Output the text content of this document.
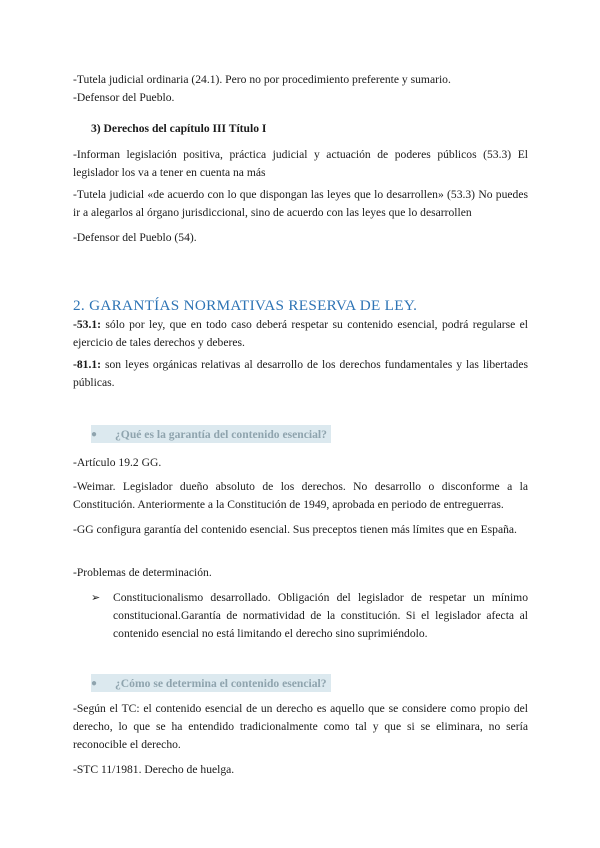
-Tutela judicial ordinaria (24.1). Pero no por procedimiento preferente y sumario.

-Defensor del Pueblo.

3) Derechos del capítulo III Título I

-Informan legislación positiva, práctica judicial y actuación de poderes públicos (53.3) El legislador los va a tener en cuenta na más

-Tutela judicial «de acuerdo con lo que dispongan las leyes que lo desarrollen» (53.3) No puedes ir a alegarlos al órgano jurisdiccional, sino de acuerdo con las leyes que lo desarrollen

-Defensor del Pueblo (54).

2. GARANTÍAS NORMATIVAS RESERVA DE LEY.

-53.1: sólo por ley, que en todo caso deberá respetar su contenido esencial, podrá regularse el ejercicio de tales derechos y deberes.

-81.1: son leyes orgánicas relativas al desarrollo de los derechos fundamentales y las libertades públicas.

●	¿Qué es la garantía del contenido esencial?

-Artículo 19.2 GG.

-Weimar. Legislador dueño absoluto de los derechos. No desarrollo o disconforme a la Constitución. Anteriormente a la Constitución de 1949, aprobada en periodo de entreguerras.

-GG configura garantía del contenido esencial. Sus preceptos tienen más límites que en España.

-Problemas de determinación.

➢	Constitucionalismo desarrollado. Obligación del legislador de respetar un mínimo constitucional.Garantía de normatividad de la constitución. Si el legislador afecta al contenido esencial no está limitando el derecho sino suprimiéndolo.
●	¿Cómo se determina el contenido esencial?

-Según el TC: el contenido esencial de un derecho es aquello que se considere como propio del derecho, lo que se ha entendido tradicionalmente como tal y que si se eliminara, no sería reconocible el derecho.

-STC 11/1981. Derecho de huelga.
